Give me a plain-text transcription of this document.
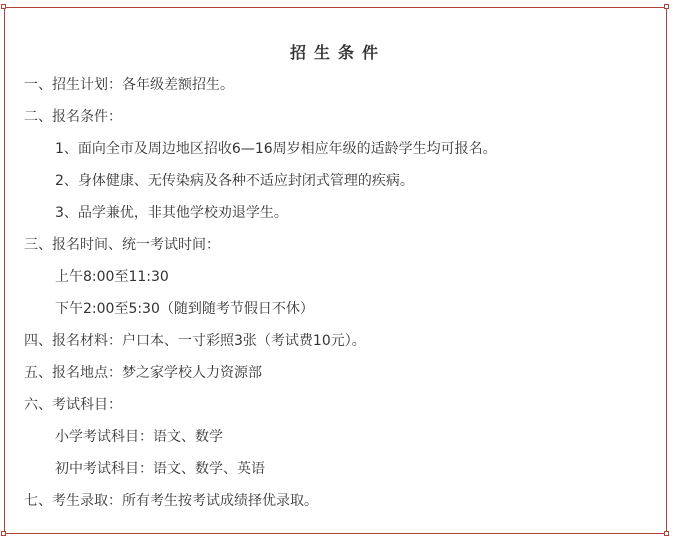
招生条件
一、招生计划：各年级差额招生。
二、报名条件：
1、面向全市及周边地区招收6—16周岁相应年级的适龄学生均可报名。
2、身体健康、无传染病及各种不适应封闭式管理的疾病。
3、品学兼优，非其他学校劝退学生。
三、报名时间、统一考试时间：
上午8:00至11:30
下午2:00至5:30（随到随考节假日不休）
四、报名材料：户口本、一寸彩照3张（考试费10元）。
五、报名地点：梦之家学校人力资源部
六、考试科目：
小学考试科目：语文、数学
初中考试科目：语文、数学、英语
七、考生录取：所有考生按考试成绩择优录取。
